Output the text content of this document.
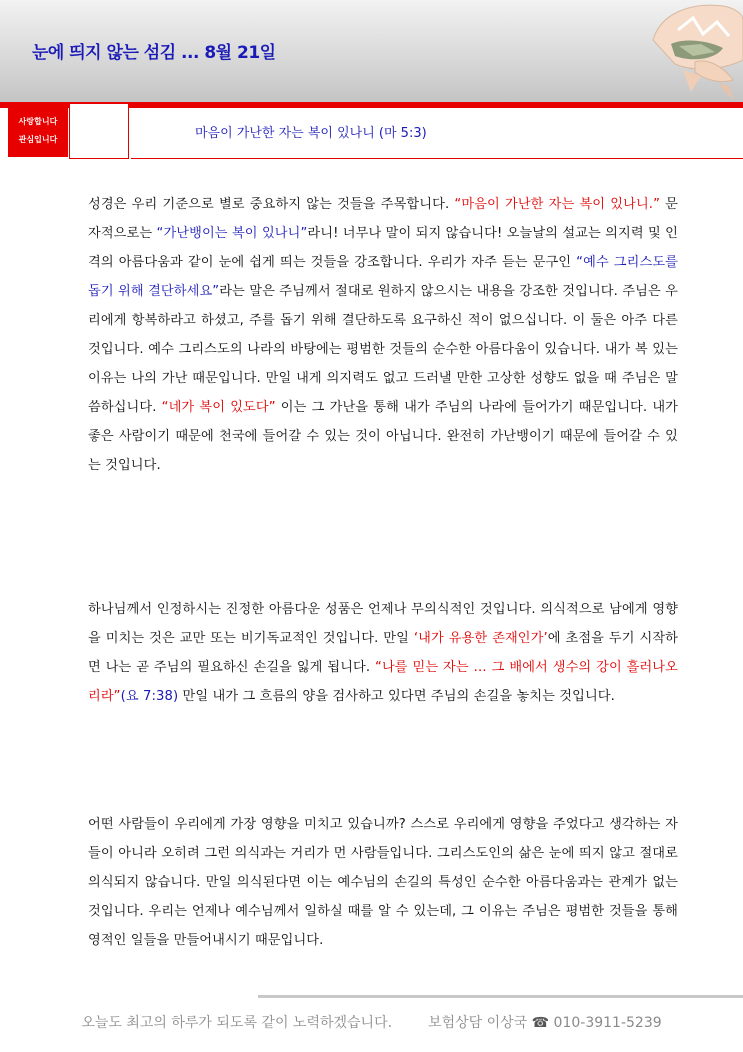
눈에 띄지 않는 섬김 ... 8월 21일
사랑합니다
관심입니다	마음이 가난한 자는 복이 있나니 (마 5:3)
성경은 우리 기준으로 별로 중요하지 않는 것들을 주목합니다. “마음이 가난한 자는 복이 있나니.” 문자적으로는 “가난뱅이는 복이 있나니”라니! 너무나 말이 되지 않습니다! 오늘날의 설교는 의지력 및 인격의 아름다움과 같이 눈에 쉽게 띄는 것들을 강조합니다. 우리가 자주 듣는 문구인 “예수 그리스도를 돕기 위해 결단하세요”라는 말은 주님께서 절대로 원하지 않으시는 내용을 강조한 것입니다. 주님은 우리에게 항복하라고 하셨고, 주를 돕기 위해 결단하도록 요구하신 적이 없으십니다. 이 둘은 아주 다른 것입니다. 예수 그리스도의 나라의 바탕에는 평범한 것들의 순수한 아름다움이 있습니다. 내가 복 있는 이유는 나의 가난 때문입니다. 만일 내게 의지력도 없고 드러낼 만한 고상한 성향도 없을 때 주님은 말씀하십니다. “네가 복이 있도다” 이는 그 가난을 통해 내가 주님의 나라에 들어가기 때문입니다. 내가 좋은 사람이기 때문에 천국에 들어갈 수 있는 것이 아닙니다. 완전히 가난뱅이기 때문에 들어갈 수 있는 것입니다.
하나님께서 인정하시는 진정한 아름다운 성품은 언제나 무의식적인 것입니다. 의식적으로 남에게 영향을 미치는 것은 교만 또는 비기독교적인 것입니다. 만일 ‘내가 유용한 존재인가’에 초점을 두기 시작하면 나는 곧 주님의 필요하신 손길을 잃게 됩니다. “나를 믿는 자는 … 그 배에서 생수의 강이 흘러나오리라”(요 7:38) 만일 내가 그 흐름의 양을 검사하고 있다면 주님의 손길을 놓치는 것입니다.
어떤 사람들이 우리에게 가장 영향을 미치고 있습니까? 스스로 우리에게 영향을 주었다고 생각하는 자들이 아니라 오히려 그런 의식과는 거리가 먼 사람들입니다. 그리스도인의 삶은 눈에 띄지 않고 절대로 의식되지 않습니다. 만일 의식된다면 이는 예수님의 손길의 특성인 순수한 아름다움과는 관계가 없는 것입니다. 우리는 언제나 예수님께서 일하실 때를 알 수 있는데, 그 이유는 주님은 평범한 것들을 통해 영적인 일들을 만들어내시기 때문입니다.
오늘도 최고의 하루가 되도록 같이 노력하겠습니다.	보험상담 이상국 ☎ 010-3911-5239
